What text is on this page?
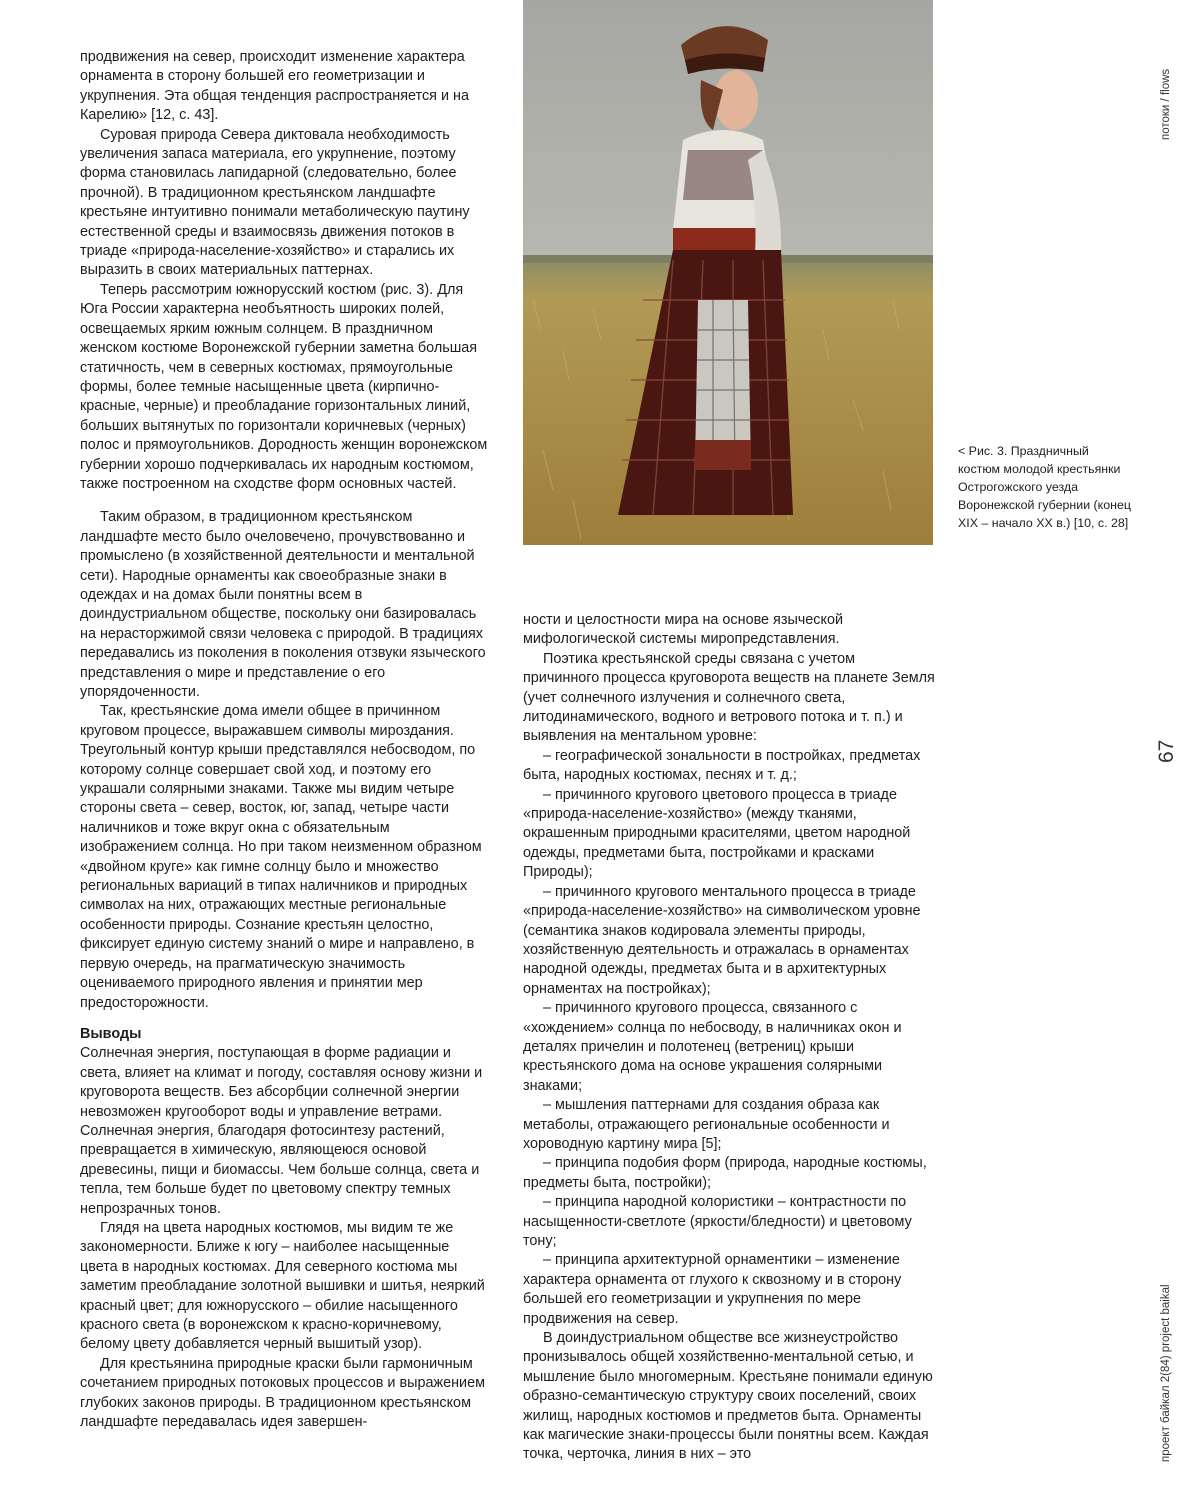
продвижения на север, происходит изменение характера орнамента в сторону большей его геометризации и укрупнения. Эта общая тенденция распространяется и на Карелию» [12, с. 43].

Суровая природа Севера диктовала необходимость увеличения запаса материала, его укрупнение, поэтому форма становилась лапидарной (следовательно, более прочной). В традиционном крестьянском ландшафте крестьяне интуитивно понимали метаболическую паутину естественной среды и взаимосвязь движения потоков в триаде «природа-население-хозяйство» и старались их выразить в своих материальных паттернах.

Теперь рассмотрим южнорусский костюм (рис. 3). Для Юга России характерна необъятность широких полей, освещаемых ярким южным солнцем. В праздничном женском костюме Воронежской губернии заметна большая статичность, чем в северных костюмах, прямоугольные формы, более темные насыщенные цвета (кирпично-красные, черные) и преобладание горизонтальных линий, больших вытянутых по горизонтали коричневых (черных) полос и прямоугольников. Дородность женщин воронежском губернии хорошо подчеркивалась их народным костюмом, также построенном на сходстве форм основных частей.

Таким образом, в традиционном крестьянском ландшафте место было очеловечено, прочувствованно и промыслено (в хозяйственной деятельности и ментальной сети). Народные орнаменты как своеобразные знаки в одеждах и на домах были понятны всем в доиндустриальном обществе, поскольку они базировалась на нерасторжимой связи человека с природой. В традициях передавались из поколения в поколения отзвуки языческого представления о мире и представление о его упорядоченности.

Так, крестьянские дома имели общее в причинном круговом процессе, выражавшем символы мироздания. Треугольный контур крыши представлялся небосводом, по которому солнце совершает свой ход, и поэтому его украшали солярными знаками. Также мы видим четыре стороны света – север, восток, юг, запад, четыре части наличников и тоже вкруг окна с обязательным изображением солнца. Но при таком неизменном образном «двойном круге» как гимне солнцу было и множество региональных вариаций в типах наличников и природных символах на них, отражающих местные региональные особенности природы. Сознание крестьян целостно, фиксирует единую систему знаний о мире и направлено, в первую очередь, на прагматическую значимость оцениваемого природного явления и принятии мер предосторожности.

Выводы

Солнечная энергия, поступающая в форме радиации и света, влияет на климат и погоду, составляя основу жизни и круговорота веществ. Без абсорбции солнечной энергии невозможен кругооборот воды и управление ветрами. Солнечная энергия, благодаря фотосинтезу растений, превращается в химическую, являющеюся основой древесины, пищи и биомассы. Чем больше солнца, света и тепла, тем больше будет по цветовому спектру темных непрозрачных тонов.

Глядя на цвета народных костюмов, мы видим те же закономерности. Ближе к югу – наиболее насыщенные цвета в народных костюмах. Для северного костюма мы заметим преобладание золотной вышивки и шитья, неяркий красный цвет; для южнорусского – обилие насыщенного красного света (в воронежском к красно-коричневому, белому цвету добавляется черный вышитый узор).

Для крестьянина природные краски были гармоничным сочетанием природных потоковых процессов и выражением глубоких законов природы. В традиционном крестьянском ландшафте передавалась идея завершен-

< Рис. 3. Праздничный костюм молодой крестьянки Острогожского уезда Воронежской губернии (конец XIX – начало XX в.) [10, с. 28]

ности и целостности мира на основе языческой мифологической системы миропредставления.

Поэтика крестьянской среды связана с учетом причинного процесса круговорота веществ на планете Земля (учет солнечного излучения и солнечного света, литодинамического, водного и ветрового потока и т. п.) и выявления на ментальном уровне:

– географической зональности в постройках, предметах быта, народных костюмах, песнях и т. д.;

– причинного кругового цветового процесса в триаде «природа-население-хозяйство» (между тканями, окрашенным природными красителями, цветом народной одежды, предметами быта, постройками и красками Природы);

– причинного кругового ментального процесса в триаде «природа-население-хозяйство» на символическом уровне (семантика знаков кодировала элементы природы, хозяйственную деятельность и отражалась в орнаментах народной одежды, предметах быта и в архитектурных орнаментах на постройках);

– причинного кругового процесса, связанного с «хождением» солнца по небосводу, в наличниках окон и деталях причелин и полотенец (ветрениц) крыши крестьянского дома на основе украшения солярными знаками;

– мышления паттернами для создания образа как метаболы, отражающего региональные особенности и хороводную картину мира [5];

– принципа подобия форм (природа, народные костюмы, предметы быта, постройки);

– принципа народной колористики – контрастности по насыщенности-светлоте (яркости/бледности) и цветовому тону;

– принципа архитектурной орнаментики – изменение характера орнамента от глухого к сквозному и в сторону большей его геометризации и укрупнения по мере продвижения на север.

В доиндустриальном обществе все жизнеустройство пронизывалось общей хозяйственно-ментальной сетью, и мышление было многомерным. Крестьяне понимали единую образно-семантическую структуру своих поселений, своих жилищ, народных костюмов и предметов быта. Орнаменты как магические знаки-процессы были понятны всем. Каждая точка, черточка, линия в них – это

потоки / flows
67
проект байкал 2(84) project baikal
